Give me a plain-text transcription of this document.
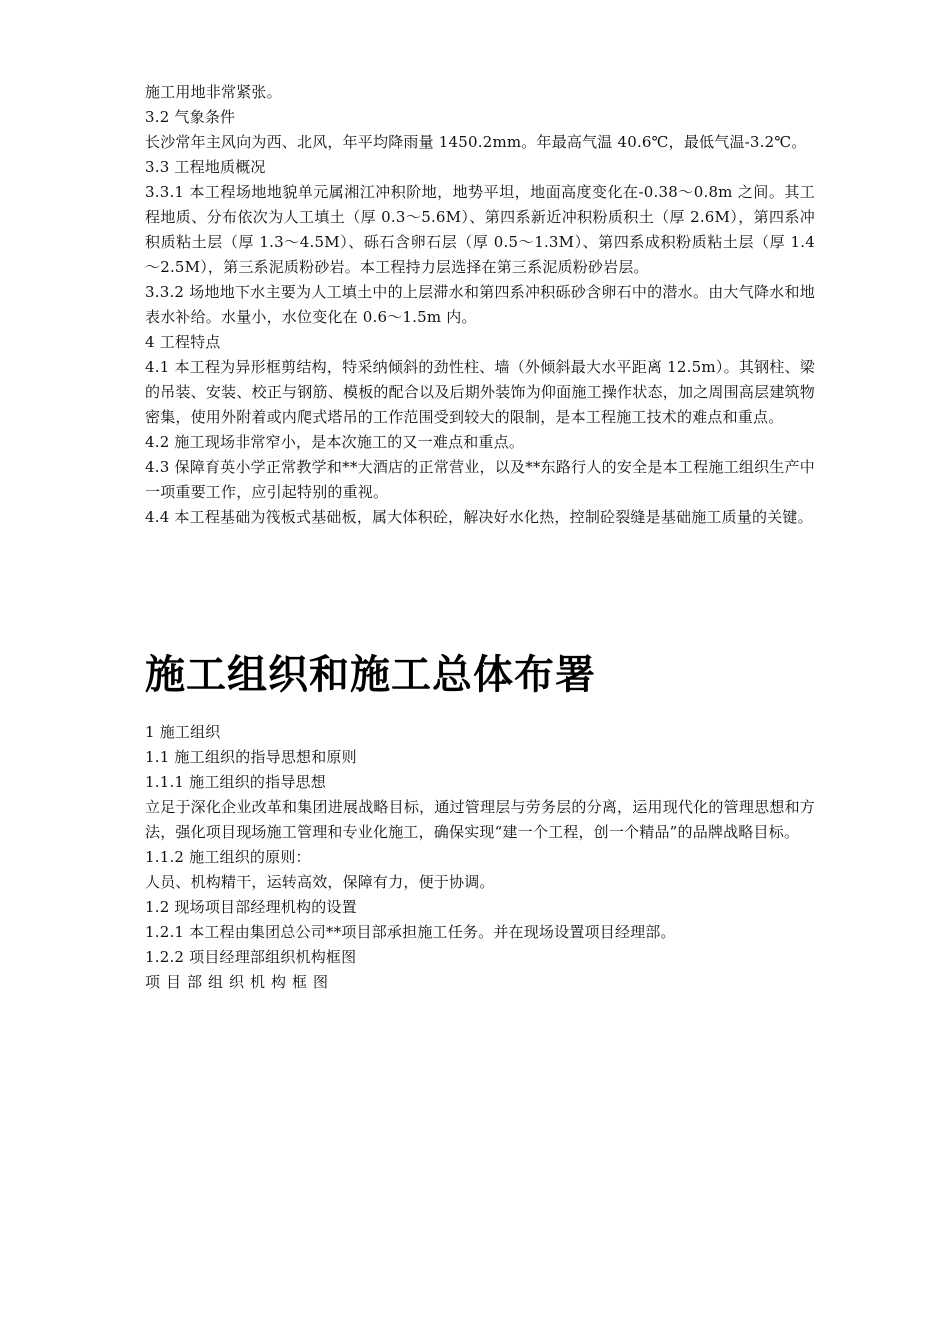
施工用地非常紧张。

3.2 气象条件

长沙常年主风向为西、北风，年平均降雨量 1450.2mm。年最高气温 40.6℃，最低气温-3.2℃。

3.3 工程地质概况

3.3.1 本工程场地地貌单元属湘江冲积阶地，地势平坦，地面高度变化在-0.38～0.8m 之间。其工程地质、分布依次为人工填土（厚 0.3～5.6M）、第四系新近冲积粉质积土（厚 2.6M），第四系冲积质粘土层（厚 1.3～4.5M）、砾石含卵石层（厚 0.5～1.3M）、第四系成积粉质粘土层（厚 1.4～2.5M），第三系泥质粉砂岩。本工程持力层选择在第三系泥质粉砂岩层。

3.3.2 场地地下水主要为人工填土中的上层滞水和第四系冲积砾砂含卵石中的潜水。由大气降水和地表水补给。水量小，水位变化在 0.6～1.5m 内。

4 工程特点

4.1 本工程为异形框剪结构，特采纳倾斜的劲性柱、墙（外倾斜最大水平距离 12.5m）。其钢柱、梁的吊装、安装、校正与钢筋、模板的配合以及后期外装饰为仰面施工操作状态，加之周围高层建筑物密集，使用外附着或内爬式塔吊的工作范围受到较大的限制，是本工程施工技术的难点和重点。

4.2 施工现场非常窄小，是本次施工的又一难点和重点。

4.3 保障育英小学正常教学和**大酒店的正常营业，以及**东路行人的安全是本工程施工组织生产中一项重要工作，应引起特别的重视。

4.4 本工程基础为筏板式基础板，属大体积砼，解决好水化热，控制砼裂缝是基础施工质量的关键。

施工组织和施工总体布署

1 施工组织

1.1 施工组织的指导思想和原则

1.1.1 施工组织的指导思想

立足于深化企业改革和集团进展战略目标，通过管理层与劳务层的分离，运用现代化的管理思想和方法，强化项目现场施工管理和专业化施工，确保实现“建一个工程，创一个精品”的品牌战略目标。

1.1.2 施工组织的原则：

人员、机构精干，运转高效，保障有力，便于协调。

1.2 现场项目部经理机构的设置

1.2.1 本工程由集团总公司**项目部承担施工任务。并在现场设置项目经理部。

1.2.2 项目经理部组织机构框图

项目部组织机构框图
